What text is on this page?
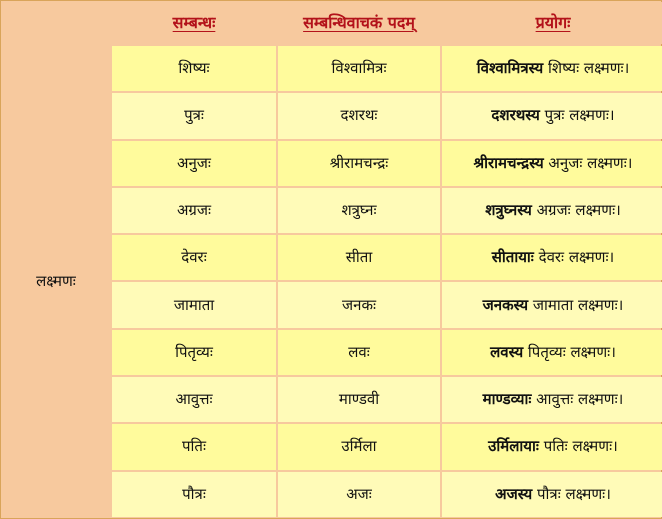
	सम्बन्धः	सम्बन्धिवाचकं पदम्	प्रयोगः
लक्ष्मणः	शिष्यः	विश्वामित्रः	विश्वामित्रस्य शिष्यः लक्ष्मणः।
	पुत्रः	दशरथः	दशरथस्य पुत्रः लक्ष्मणः।
	अनुजः	श्रीरामचन्द्रः	श्रीरामचन्द्रस्य अनुजः लक्ष्मणः।
	अग्रजः	शत्रुघ्नः	शत्रुघ्नस्य अग्रजः लक्ष्मणः।
	देवरः	सीता	सीतायाः देवरः लक्ष्मणः।
	जामाता	जनकः	जनकस्य जामाता लक्ष्मणः।
	पितृव्यः	लवः	लवस्य पितृव्यः लक्ष्मणः।
	आवुत्तः	माण्डवी	माण्डव्याः आवुत्तः लक्ष्मणः।
	पतिः	उर्मिला	उर्मिलायाः पतिः लक्ष्मणः।
	पौत्रः	अजः	अजस्य पौत्रः लक्ष्मणः।
